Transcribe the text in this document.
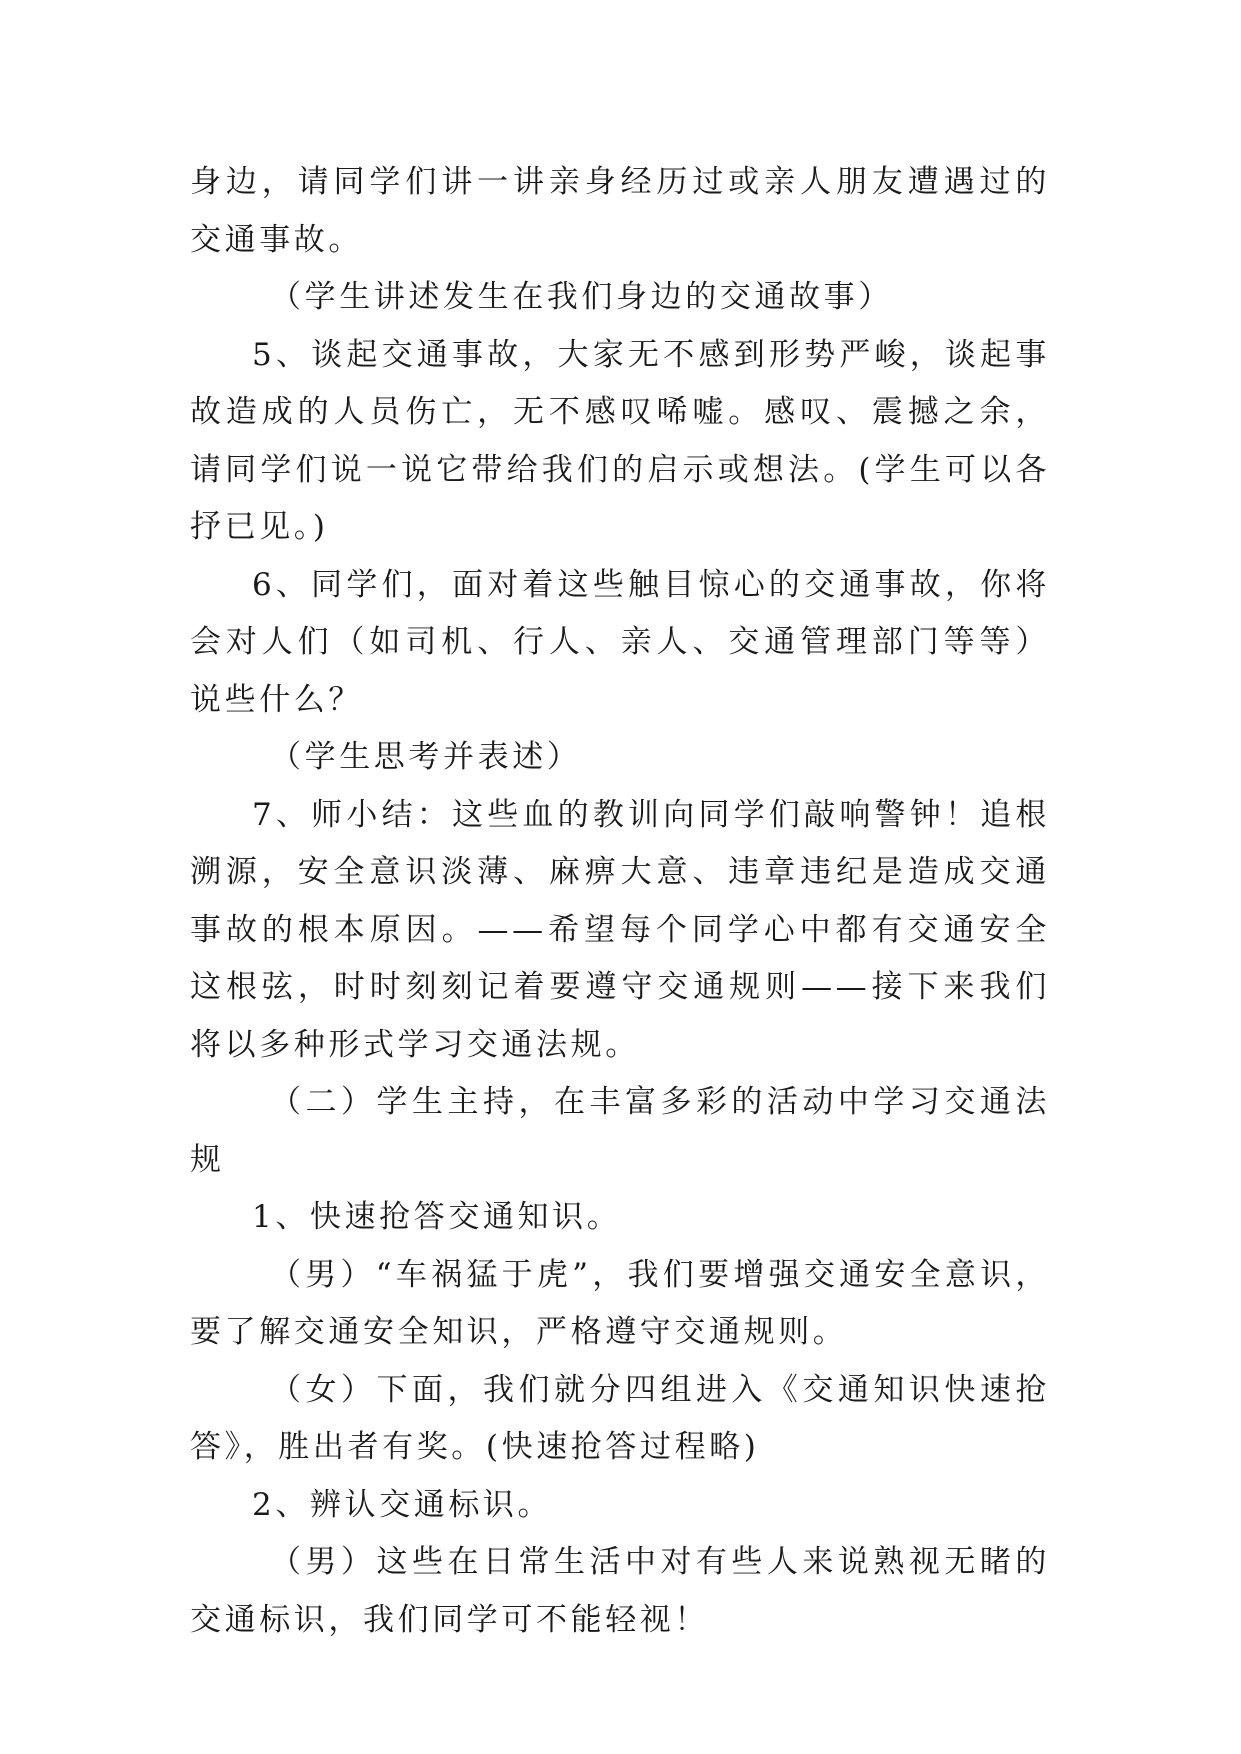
身边，请同学们讲一讲亲身经历过或亲人朋友遭遇过的交通事故。

（学生讲述发生在我们身边的交通故事）

5、谈起交通事故，大家无不感到形势严峻，谈起事故造成的人员伤亡，无不感叹唏嘘。感叹、震撼之余，请同学们说一说它带给我们的启示或想法。(学生可以各抒已见。)

6、同学们，面对着这些触目惊心的交通事故，你将会对人们（如司机、行人、亲人、交通管理部门等等）说些什么？

（学生思考并表述）

7、师小结：这些血的教训向同学们敲响警钟！追根溯源，安全意识淡薄、麻痹大意、违章违纪是造成交通事故的根本原因。——希望每个同学心中都有交通安全这根弦，时时刻刻记着要遵守交通规则——接下来我们将以多种形式学习交通法规。

（二）学生主持，在丰富多彩的活动中学习交通法规

1、快速抢答交通知识。

（男）“车祸猛于虎”，我们要增强交通安全意识，要了解交通安全知识，严格遵守交通规则。

（女）下面，我们就分四组进入《交通知识快速抢答》，胜出者有奖。(快速抢答过程略)

2、辨认交通标识。

（男）这些在日常生活中对有些人来说熟视无睹的交通标识，我们同学可不能轻视！
